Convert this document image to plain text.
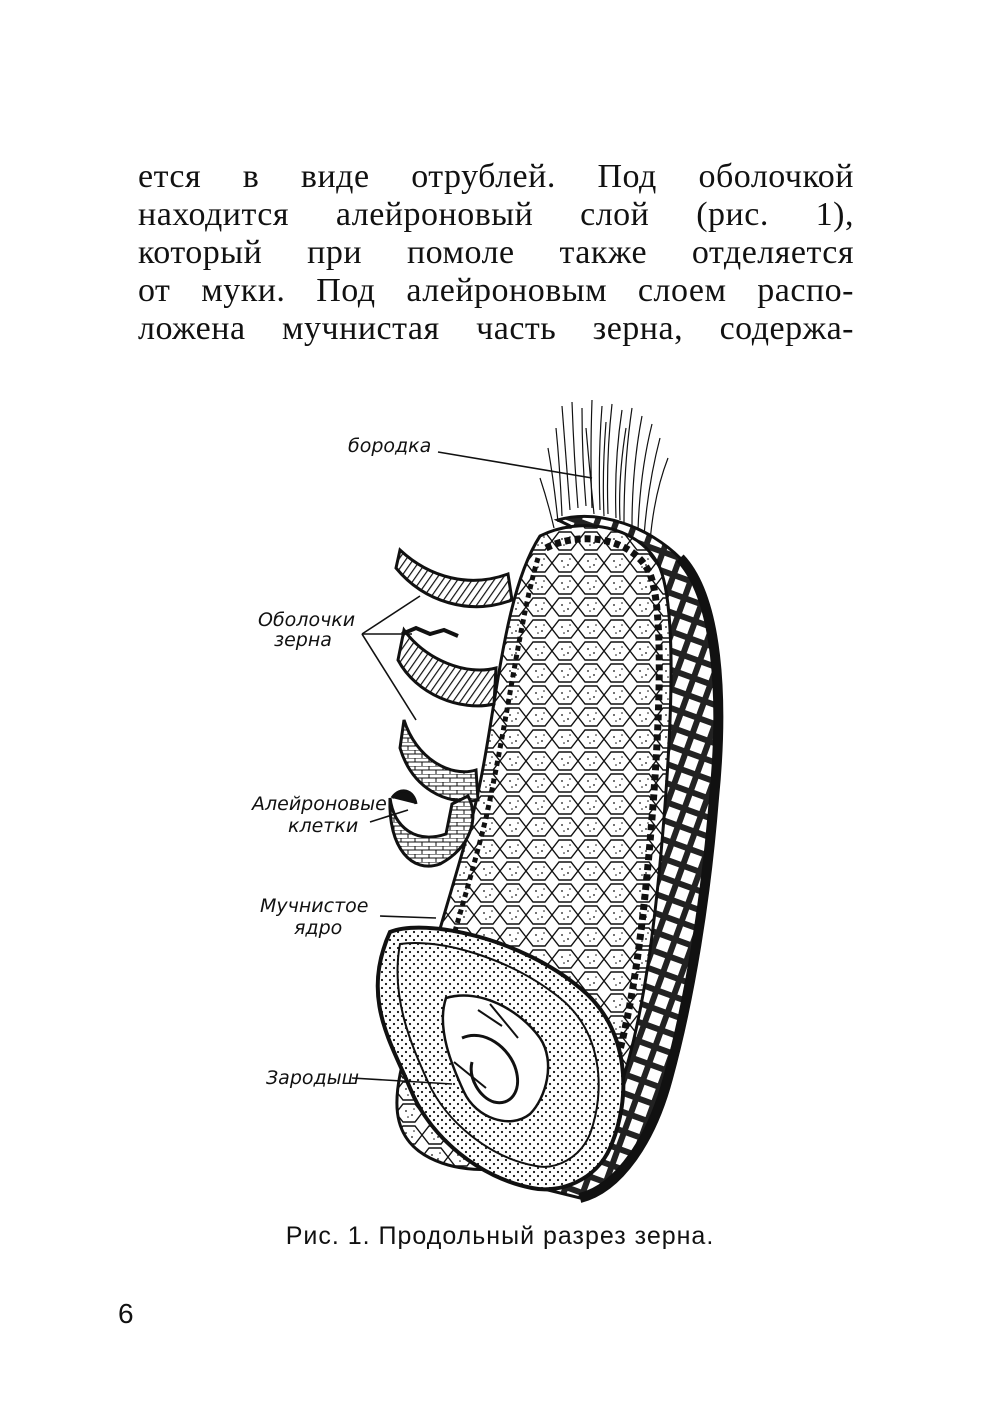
ется в виде отрублей. Под оболочкой
находится алейроновый слой (рис. 1),
который при помоле также отделяется
от муки. Под алейроновым слоем распо-
ложена мучнистая часть зерна, содержа-
бородка
Оболочки
зерна
Алейроновые
клетки
Мучнистое
ядро
Зародыш
Рис. 1. Продольный разрез зерна.
6
